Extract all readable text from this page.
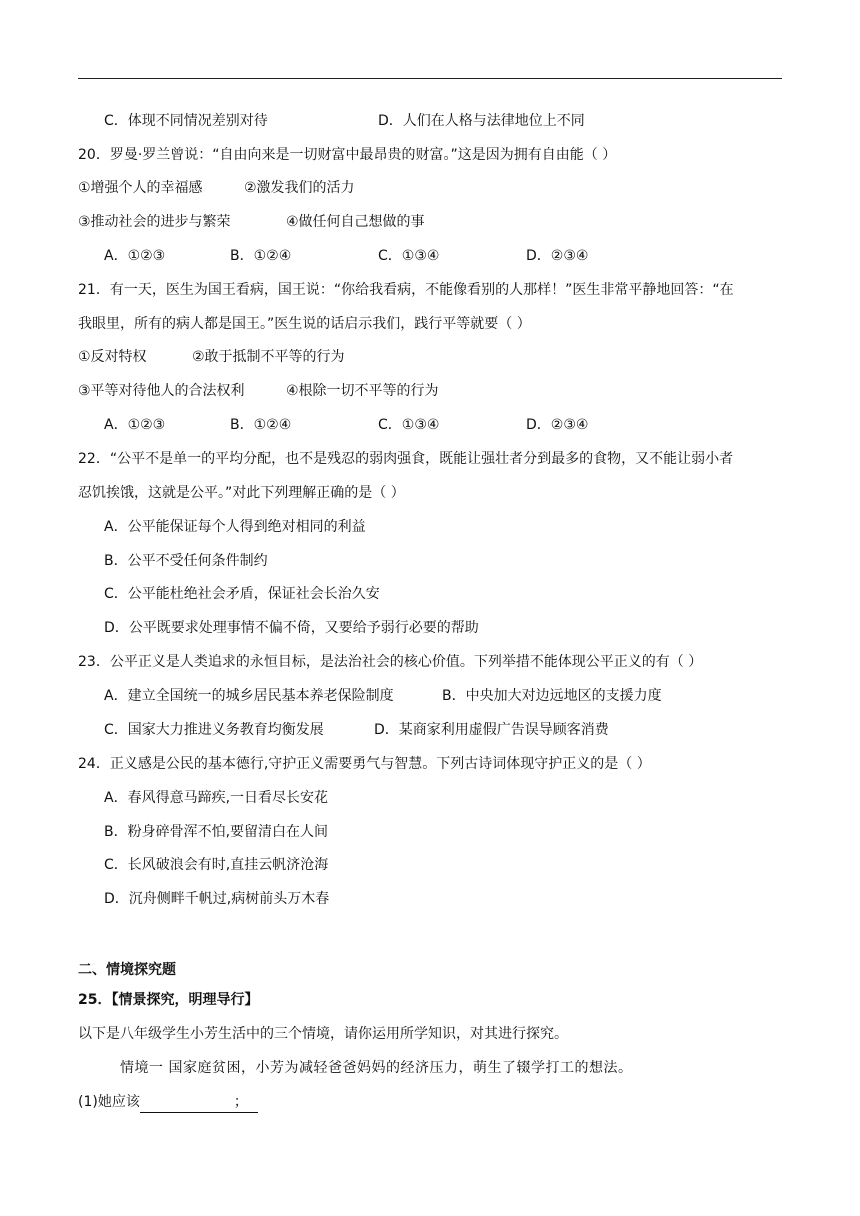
C．体现不同情况差别对待	D．人们在人格与法律地位上不同
20．罗曼·罗兰曾说：“自由向来是一切财富中最昂贵的财富。”这是因为拥有自由能（ ）
①增强个人的幸福感	②激发我们的活力
③推动社会的进步与繁荣	④做任何自己想做的事
A．①②③	B．①②④	C．①③④	D．②③④
21．有一天，医生为国王看病，国王说：“你给我看病，不能像看别的人那样！”医生非常平静地回答：“在
我眼里，所有的病人都是国王。”医生说的话启示我们，践行平等就要（ ）
①反对特权	②敢于抵制不平等的行为
③平等对待他人的合法权利	④根除一切不平等的行为
A．①②③	B．①②④	C．①③④	D．②③④
22．“公平不是单一的平均分配，也不是残忍的弱肉强食，既能让强壮者分到最多的食物，又不能让弱小者
忍饥挨饿，这就是公平。”对此下列理解正确的是（ ）
A．公平能保证每个人得到绝对相同的利益
B．公平不受任何条件制约
C．公平能杜绝社会矛盾，保证社会长治久安
D．公平既要求处理事情不偏不倚，又要给予弱行必要的帮助
23．公平正义是人类追求的永恒目标，是法治社会的核心价值。下列举措不能体现公平正义的有（ ）
A．建立全国统一的城乡居民基本养老保险制度	B．中央加大对边远地区的支援力度
C．国家大力推进义务教育均衡发展	D．某商家利用虚假广告误导顾客消费
24．正义感是公民的基本德行,守护正义需要勇气与智慧。下列古诗词体现守护正义的是（ ）
A．春风得意马蹄疾,一日看尽长安花
B．粉身碎骨浑不怕,要留清白在人间
C．长风破浪会有时,直挂云帆济沧海
D．沉舟侧畔千帆过,病树前头万木春
二、情境探究题
25．【情景探究，明理导行】
以下是八年级学生小芳生活中的三个情境，请你运用所学知识，对其进行探究。
情境一 国家庭贫困，小芳为减轻爸爸妈妈的经济压力，萌生了辍学打工的想法。
(1)她应该	；
